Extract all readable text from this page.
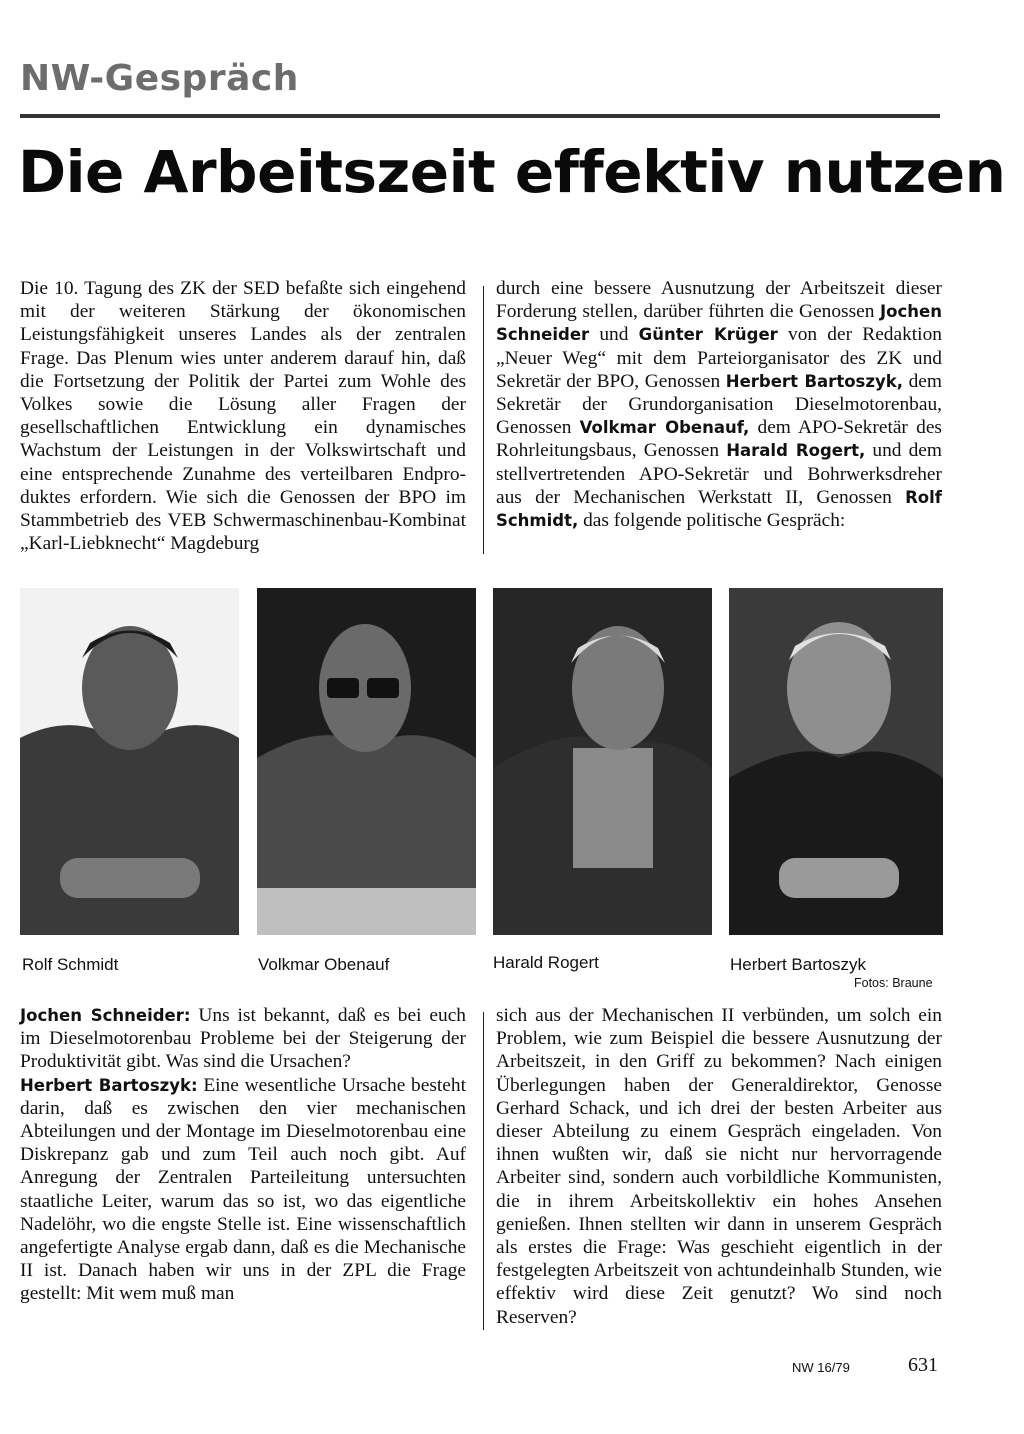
NW-Gespräch
Die Arbeitszeit effektiv nutzen
Die 10. Tagung des ZK der SED befaßte sich eingehend mit der weiteren Stärkung der ökonomischen Leistungsfähigkeit unseres Landes als der zentralen Frage. Das Plenum wies unter anderem darauf hin, daß die Fortsetzung der Politik der Partei zum Wohle des Volkes sowie die Lösung aller Fragen der gesellschaftlichen Entwicklung ein dynamisches Wachstum der Leistungen in der Volkswirtschaft und eine entsprechende Zunahme des verteilbaren Endproduktes erfordern. Wie sich die Genossen der BPO im Stammbetrieb des VEB Schwermaschinenbau-Kombinat „Karl-Liebknecht“ Magdeburg
durch eine bessere Ausnutzung der Arbeitszeit dieser Forderung stellen, darüber führten die Genossen Jochen Schneider und Günter Krüger von der Redaktion „Neuer Weg“ mit dem Parteiorganisator des ZK und Sekretär der BPO, Genossen Herbert Bartoszyk, dem Sekretär der Grundorganisation Dieselmotorenbau, Genossen Volkmar Obenauf, dem APO-Sekretär des Rohrleitungsbaus, Genossen Harald Rogert, und dem stellvertretenden APO-Sekretär und Bohrwerksdreher aus der Mechanischen Werkstatt II, Genossen Rolf Schmidt, das folgende politische Gespräch:
Rolf Schmidt	Volkmar Obenauf	Harald Rogert	Herbert Bartoszyk
Fotos: Braune
Jochen Schneider: Uns ist bekannt, daß es bei euch im Dieselmotorenbau Probleme bei der Steigerung der Produktivität gibt. Was sind die Ursachen?
Herbert Bartoszyk: Eine wesentliche Ursache besteht darin, daß es zwischen den vier mechanischen Abteilungen und der Montage im Dieselmotorenbau eine Diskrepanz gab und zum Teil auch noch gibt. Auf Anregung der Zentralen Parteileitung untersuchten staatliche Leiter, warum das so ist, wo das eigentliche Nadelöhr, wo die engste Stelle ist. Eine wissenschaftlich angefertigte Analyse ergab dann, daß es die Mechanische II ist. Danach haben wir uns in der ZPL die Frage gestellt: Mit wem muß man
sich aus der Mechanischen II verbünden, um solch ein Problem, wie zum Beispiel die bessere Ausnutzung der Arbeitszeit, in den Griff zu bekommen? Nach einigen Überlegungen haben der Generaldirektor, Genosse Gerhard Schack, und ich drei der besten Arbeiter aus dieser Abteilung zu einem Gespräch eingeladen. Von ihnen wußten wir, daß sie nicht nur hervorragende Arbeiter sind, sondern auch vorbildliche Kommunisten, die in ihrem Arbeitskollektiv ein hohes Ansehen genießen. Ihnen stellten wir dann in unserem Gespräch als erstes die Frage: Was geschieht eigentlich in der festgelegten Arbeitszeit von achtundeinhalb Stunden, wie effektiv wird diese Zeit genutzt? Wo sind noch Reserven?
NW 16/79	631
